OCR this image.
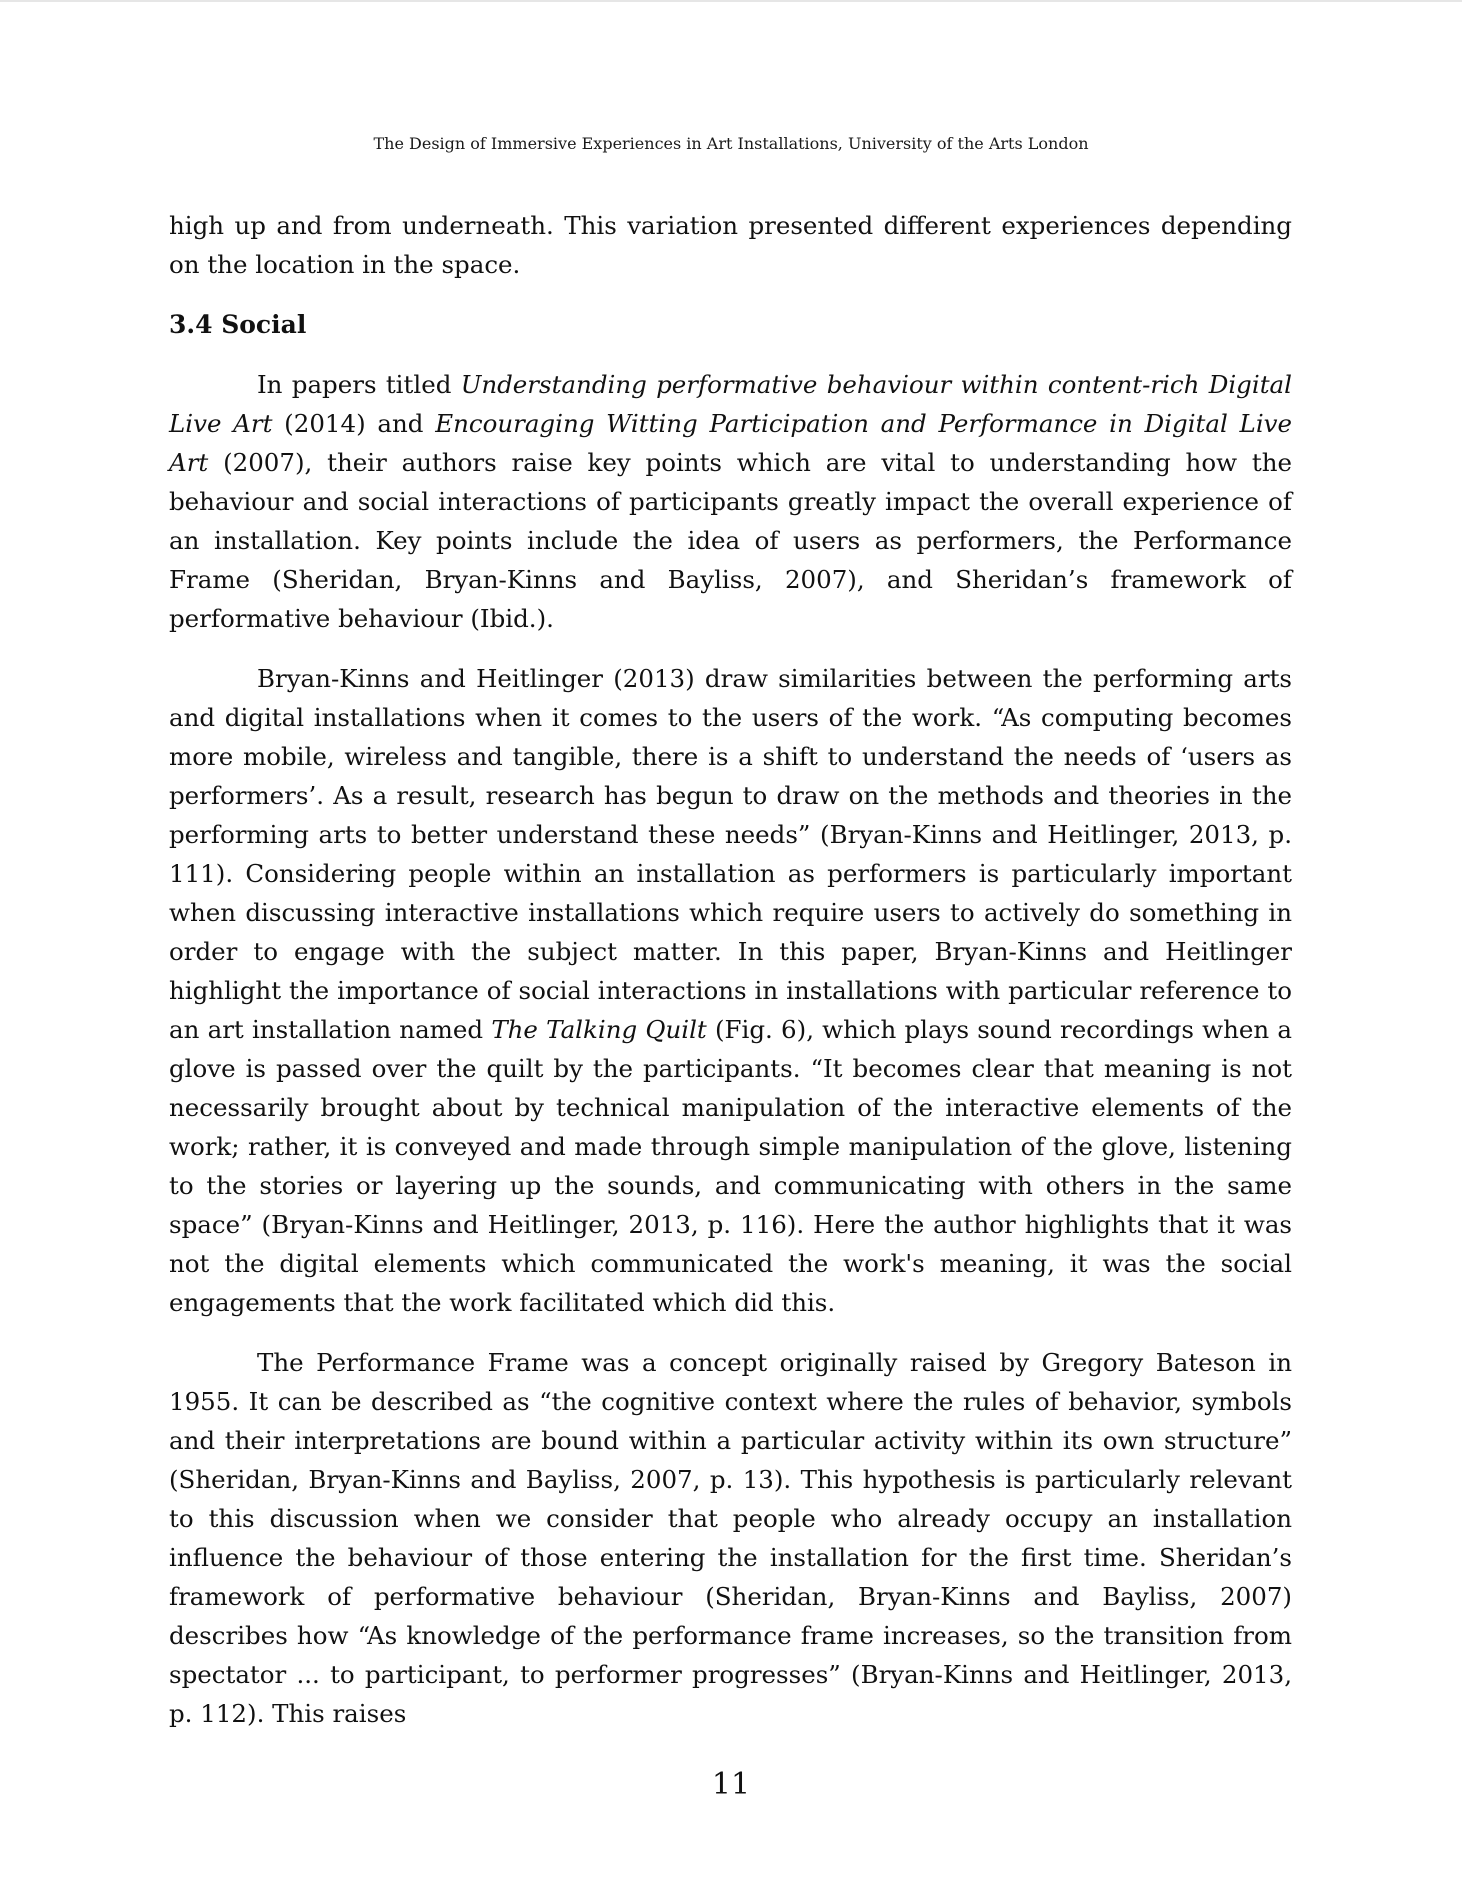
The Design of Immersive Experiences in Art Installations, University of the Arts London

high up and from underneath. This variation presented different experiences depending on the location in the space.

3.4 Social

In papers titled Understanding performative behaviour within content-rich Digital Live Art (2014) and Encouraging Witting Participation and Performance in Digital Live Art (2007), their authors raise key points which are vital to understanding how the behaviour and social interactions of participants greatly impact the overall experience of an installation. Key points include the idea of users as performers, the Performance Frame (Sheridan, Bryan-Kinns and Bayliss, 2007), and Sheridan’s framework of performative behaviour (Ibid.).

Bryan-Kinns and Heitlinger (2013) draw similarities between the performing arts and digital installations when it comes to the users of the work. “As computing becomes more mobile, wireless and tangible, there is a shift to understand the needs of ‘users as performers’. As a result, research has begun to draw on the methods and theories in the performing arts to better understand these needs” (Bryan-Kinns and Heitlinger, 2013, p. 111). Considering people within an installation as performers is particularly important when discussing interactive installations which require users to actively do something in order to engage with the subject matter. In this paper, Bryan-Kinns and Heitlinger highlight the importance of social interactions in installations with particular reference to an art installation named The Talking Quilt (Fig. 6), which plays sound recordings when a glove is passed over the quilt by the participants. “It becomes clear that meaning is not necessarily brought about by technical manipulation of the interactive elements of the work; rather, it is conveyed and made through simple manipulation of the glove, listening to the stories or layering up the sounds, and communicating with others in the same space” (Bryan-Kinns and Heitlinger, 2013, p. 116). Here the author highlights that it was not the digital elements which communicated the work's meaning, it was the social engagements that the work facilitated which did this.

The Performance Frame was a concept originally raised by Gregory Bateson in 1955. It can be described as “the cognitive context where the rules of behavior, symbols and their interpretations are bound within a particular activity within its own structure” (Sheridan, Bryan-Kinns and Bayliss, 2007, p. 13). This hypothesis is particularly relevant to this discussion when we consider that people who already occupy an installation influence the behaviour of those entering the installation for the first time. Sheridan’s framework of performative behaviour (Sheridan, Bryan-Kinns and Bayliss, 2007) describes how “As knowledge of the performance frame increases, so the transition from spectator ... to participant, to performer progresses” (Bryan-Kinns and Heitlinger, 2013, p. 112). This raises

11
